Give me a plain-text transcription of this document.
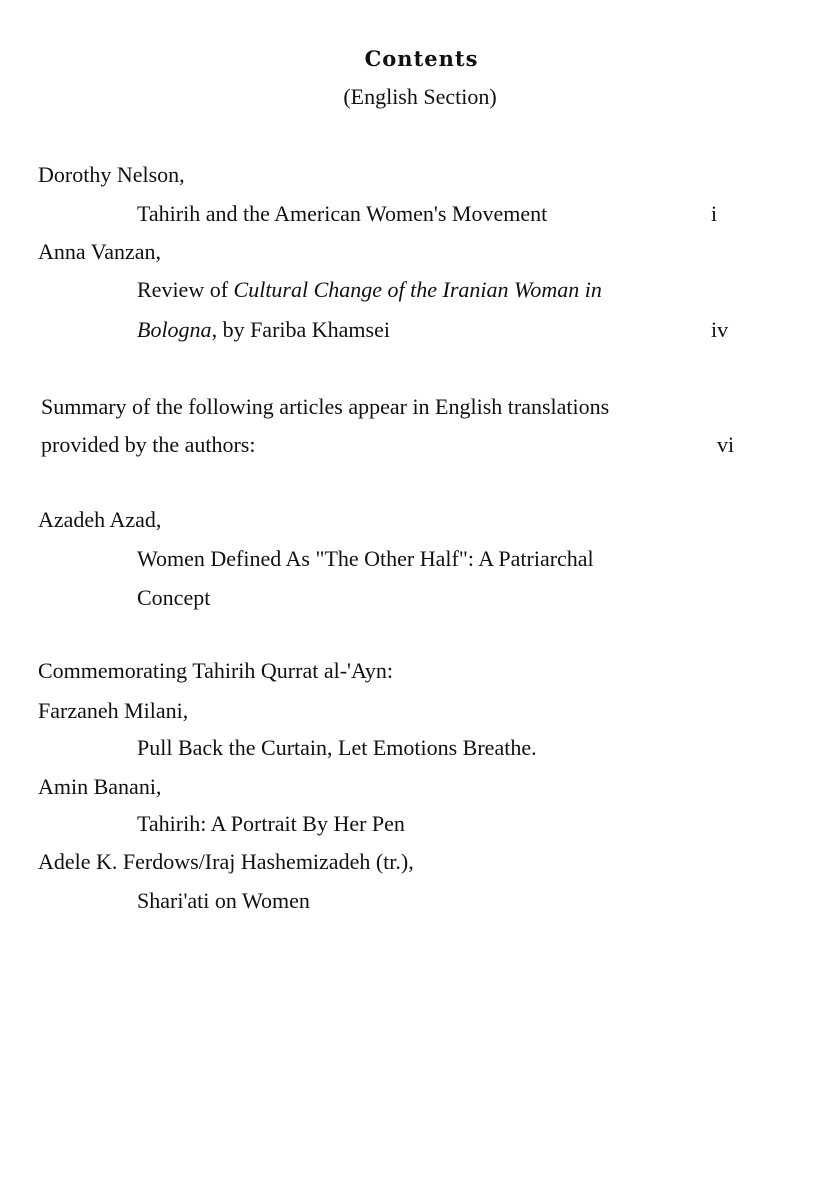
Contents
(English Section)
Dorothy Nelson,
Tahirih and the American Women's Movement	i
Anna Vanzan,
Review of Cultural Change of the Iranian Woman in
Bologna, by Fariba Khamsei	iv
Summary of the following articles appear in English translations
provided by the authors:	vi
Azadeh Azad,
Women Defined As "The Other Half": A Patriarchal
Concept
Commemorating Tahirih Qurrat al-'Ayn:
Farzaneh Milani,
Pull Back the Curtain, Let Emotions Breathe.
Amin Banani,
Tahirih: A Portrait By Her Pen
Adele K. Ferdows/Iraj Hashemizadeh (tr.),
Shari'ati on Women
